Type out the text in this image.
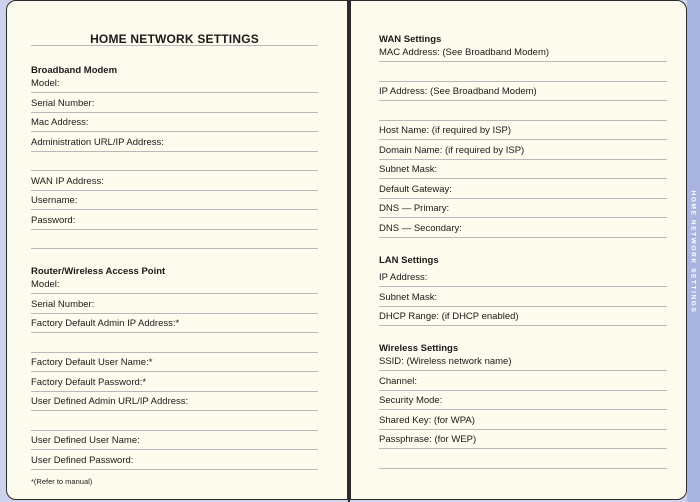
HOME NETWORK SETTINGS
HOME NETWORK SETTINGS
Broadband Modem
Model:
Serial Number:
Mac Address:
Administration URL/IP Address:
WAN IP Address:
Username:
Password:
Router/Wireless Access Point
Model:
Serial Number:
Factory Default Admin IP Address:*
Factory Default User Name:*
Factory Default Password:*
User Defined Admin URL/IP Address:
User Defined User Name:
User Defined Password:
*(Refer to manual)
WAN Settings
MAC Address: (See Broadband Modem)
IP Address: (See Broadband Modem)
Host Name: (if required by ISP)
Domain Name: (if required by ISP)
Subnet Mask:
Default Gateway:
DNS — Primary:
DNS — Secondary:
LAN Settings
IP Address:
Subnet Mask:
DHCP Range: (if DHCP enabled)
Wireless Settings
SSID: (Wireless network name)
Channel:
Security Mode:
Shared Key: (for WPA)
Passphrase: (for WEP)
